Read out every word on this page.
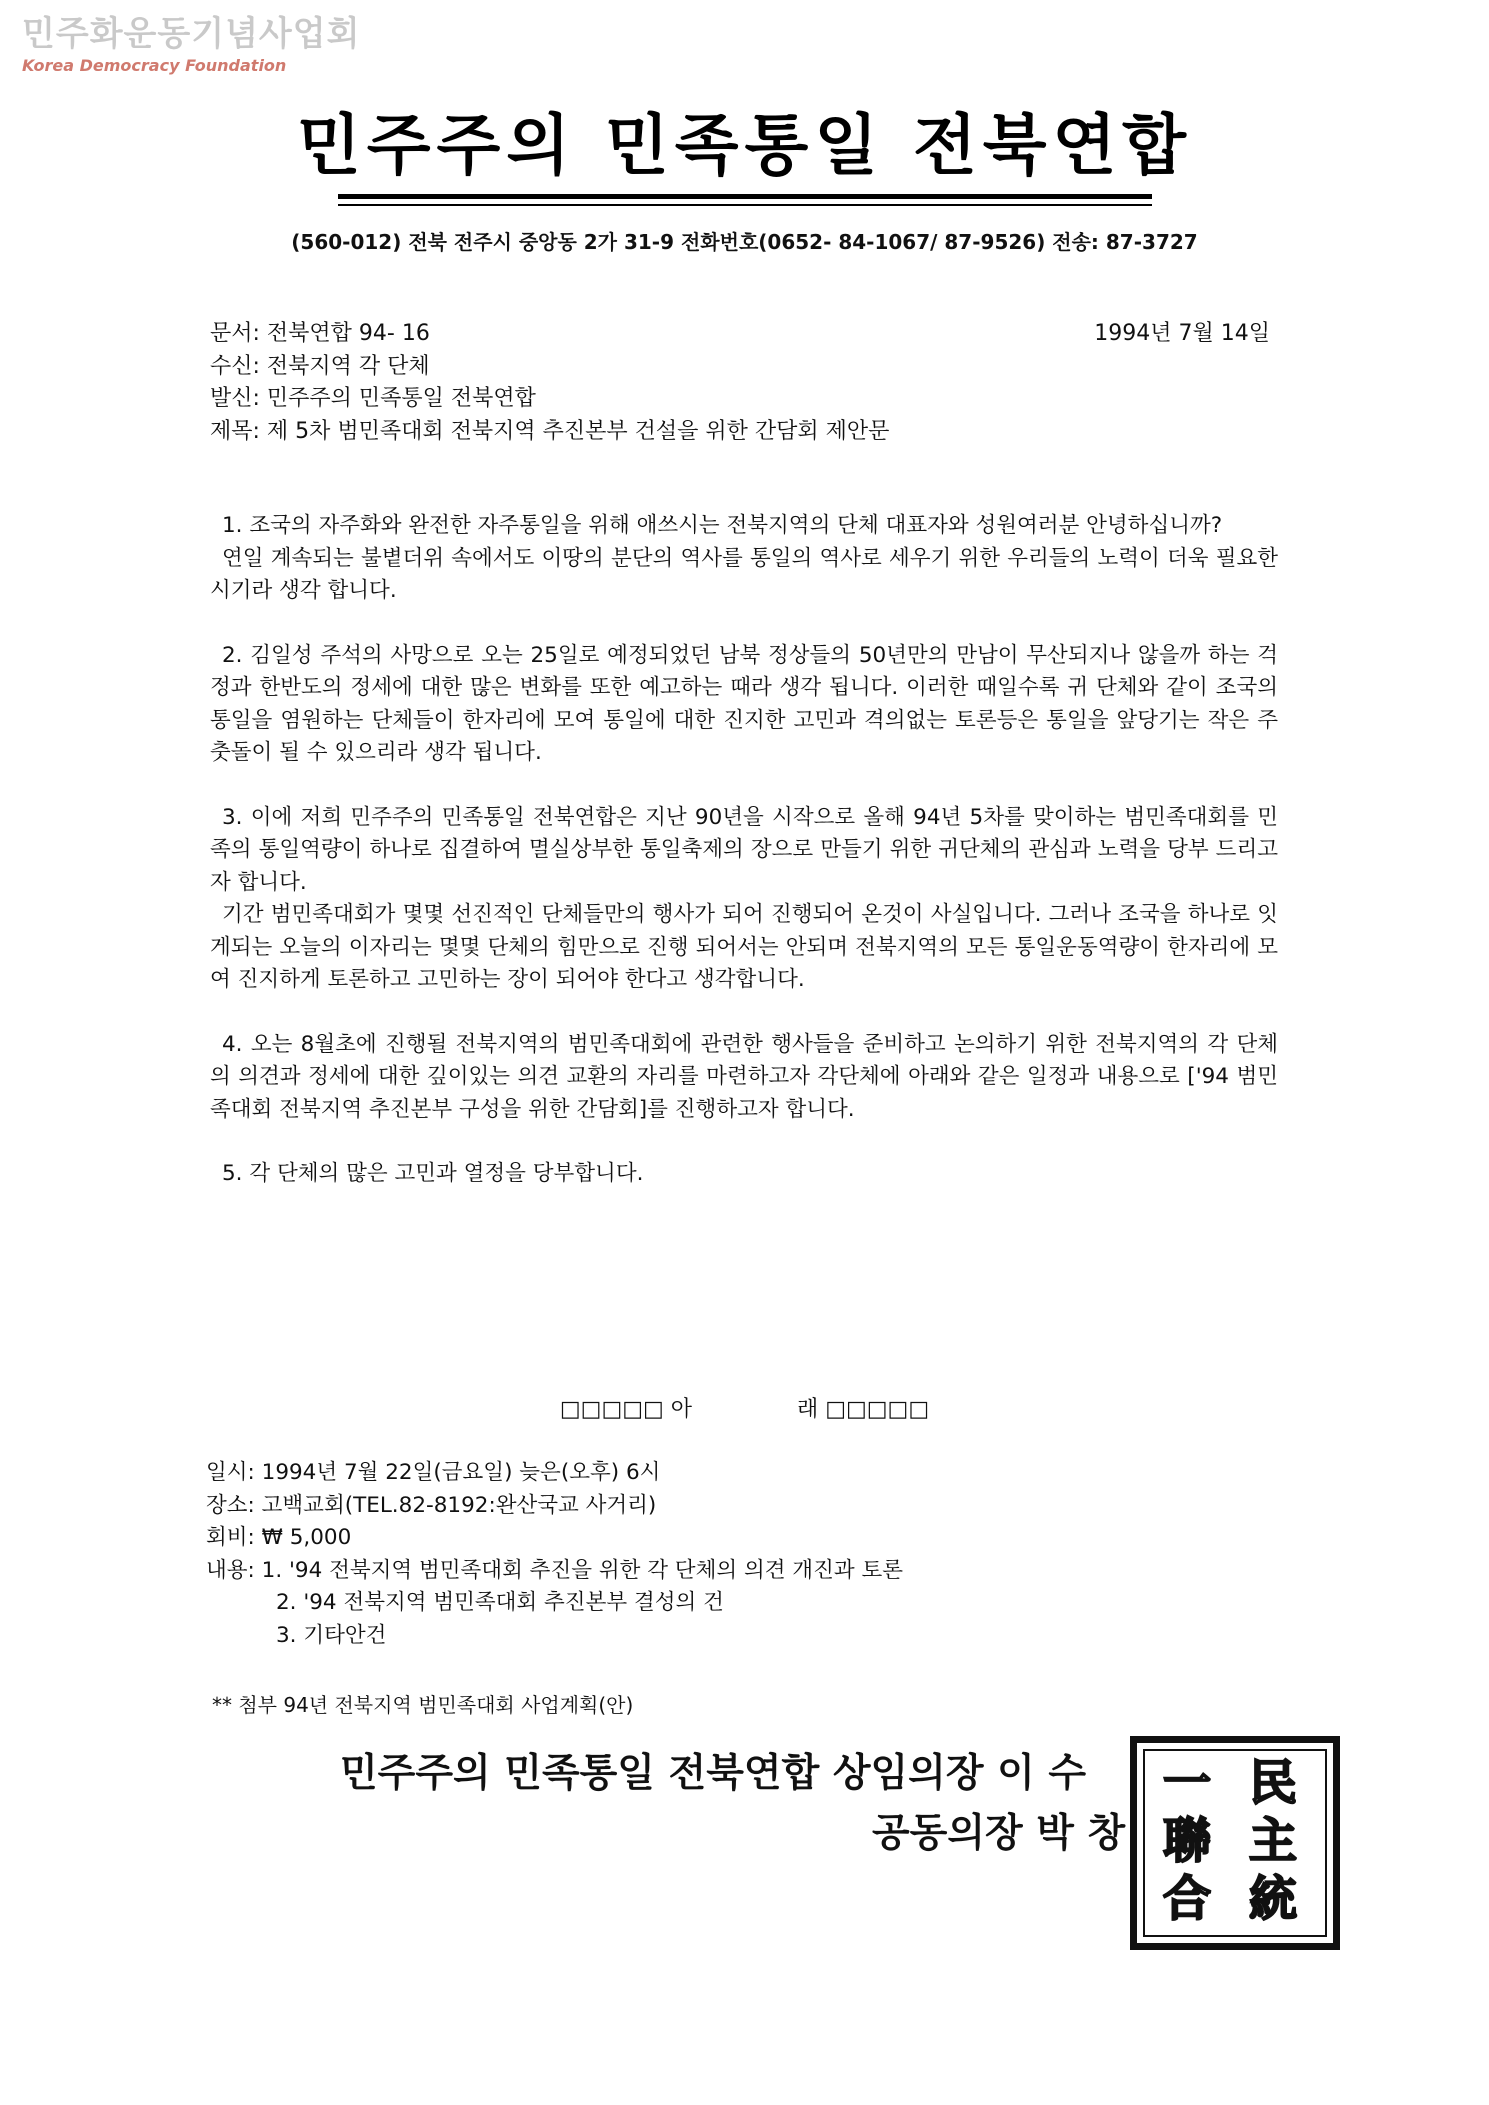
민주화운동기념사업회
Korea Democracy Foundation
민주주의 민족통일 전북연합
(560-012) 전북 전주시 중앙동 2가 31-9 전화번호(0652- 84-1067/ 87-9526) 전송: 87-3727
문서: 전북연합 94- 16	1994년 7월 14일
수신: 전북지역 각 단체
발신: 민주주의 민족통일 전북연합
제목: 제 5차 범민족대회 전북지역 추진본부 건설을 위한 간담회 제안문

1. 조국의 자주화와 완전한 자주통일을 위해 애쓰시는 전북지역의 단체 대표자와 성원여러분 안녕하십니까?

연일 계속되는 불볕더위 속에서도 이땅의 분단의 역사를 통일의 역사로 세우기 위한 우리들의 노력이 더욱 필요한 시기라 생각 합니다.

2. 김일성 주석의 사망으로 오는 25일로 예정되었던 남북 정상들의 50년만의 만남이 무산되지나 않을까 하는 걱정과 한반도의 정세에 대한 많은 변화를 또한 예고하는 때라 생각 됩니다. 이러한 때일수록 귀 단체와 같이 조국의 통일을 염원하는 단체들이 한자리에 모여 통일에 대한 진지한 고민과 격의없는 토론등은 통일을 앞당기는 작은 주춧돌이 될 수 있으리라 생각 됩니다.

3. 이에 저희 민주주의 민족통일 전북연합은 지난 90년을 시작으로 올해 94년 5차를 맞이하는 범민족대회를 민족의 통일역량이 하나로 집결하여 멸실상부한 통일축제의 장으로 만들기 위한 귀단체의 관심과 노력을 당부 드리고자 합니다.

기간 범민족대회가 몇몇 선진적인 단체들만의 행사가 되어 진행되어 온것이 사실입니다. 그러나 조국을 하나로 잇게되는 오늘의 이자리는 몇몇 단체의 힘만으로 진행 되어서는 안되며 전북지역의 모든 통일운동역량이 한자리에 모여 진지하게 토론하고 고민하는 장이 되어야 한다고 생각합니다.

4. 오는 8월초에 진행될 전북지역의 범민족대회에 관련한 행사들을 준비하고 논의하기 위한 전북지역의 각 단체의 의견과 정세에 대한 깊이있는 의견 교환의 자리를 마련하고자 각단체에 아래와 같은 일정과 내용으로 ['94 범민족대회 전북지역 추진본부 구성을 위한 간담회]를 진행하고자 합니다.

5. 각 단체의 많은 고민과 열정을 당부합니다.

□□□□□ 아               래 □□□□□
일시: 1994년 7월 22일(금요일) 늦은(오후) 6시
장소: 고백교회(TEL.82-8192:완산국교 사거리)
회비: ₩ 5,000
내용: 1. '94 전북지역 범민족대회 추진을 위한 각 단체의 의견 개진과 토론
2. '94 전북지역 범민족대회 추진본부 결성의 건
3. 기타안건
** 첨부 94년 전북지역 범민족대회 사업계획(안)
민주주의 민족통일 전북연합 상임의장 이 수
공동의장 박 창
民
主
統
一
聯
合
